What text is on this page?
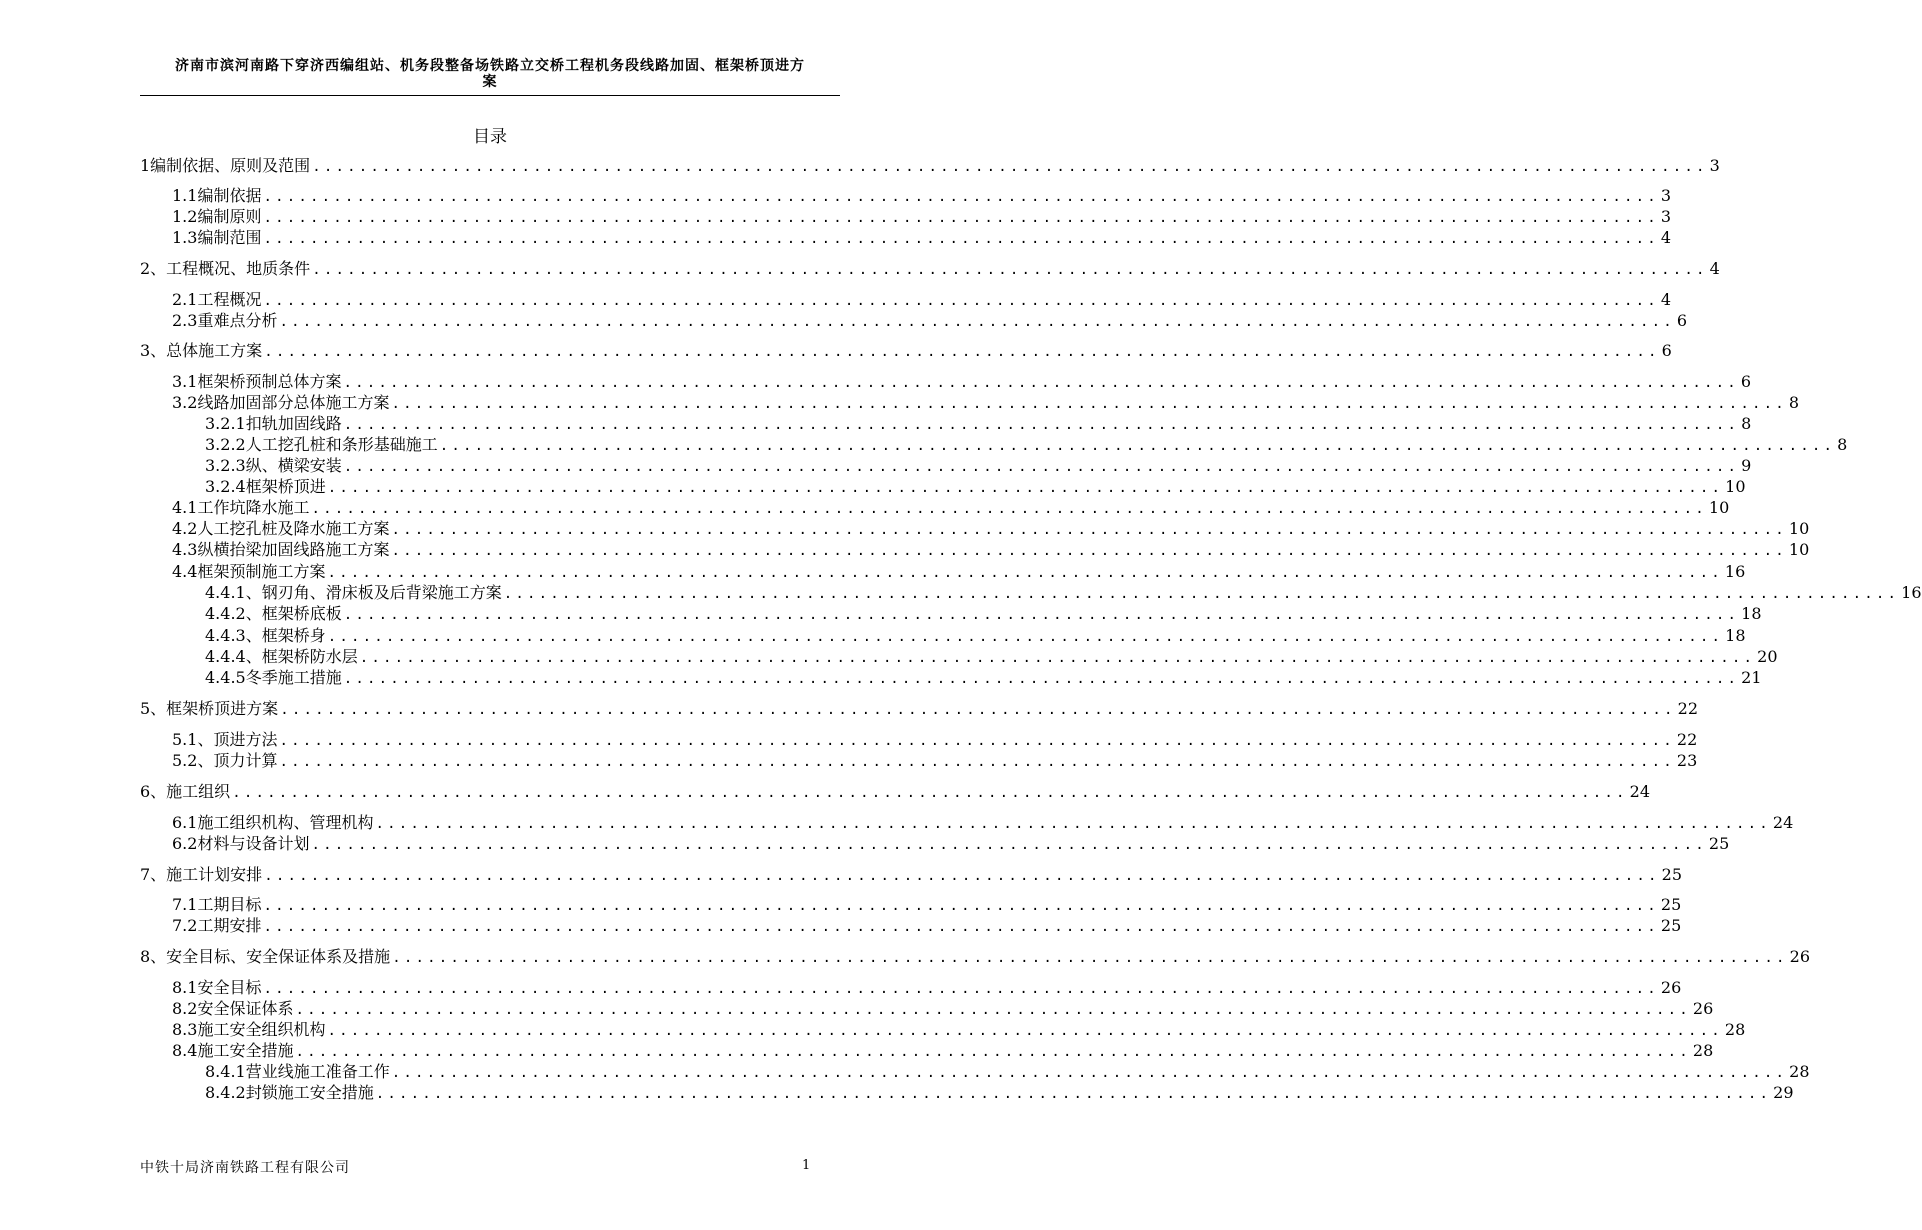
济南市滨河南路下穿济西编组站、机务段整备场铁路立交桥工程机务段线路加固、框架桥顶进方
案
目录
1编制依据、原则及范围 ........................................................................................................................ 3
1.1编制依据 ........................................................................................................................ 3
1.2编制原则 ........................................................................................................................ 3
1.3编制范围 ........................................................................................................................ 4
2、工程概况、地质条件 ........................................................................................................................ 4
2.1工程概况 ........................................................................................................................ 4
2.3重难点分析 ........................................................................................................................ 6
3、总体施工方案 ........................................................................................................................ 6
3.1框架桥预制总体方案 ........................................................................................................................ 6
3.2线路加固部分总体施工方案 ........................................................................................................................ 8
3.2.1扣轨加固线路 ........................................................................................................................ 8
3.2.2人工挖孔桩和条形基础施工 ........................................................................................................................ 8
3.2.3纵、横梁安装 ........................................................................................................................ 9
3.2.4框架桥顶进 ........................................................................................................................ 10
4.1工作坑降水施工 ........................................................................................................................ 10
4.2人工挖孔桩及降水施工方案 ........................................................................................................................ 10
4.3纵横抬梁加固线路施工方案 ........................................................................................................................ 10
4.4框架预制施工方案 ........................................................................................................................ 16
4.4.1、钢刃角、滑床板及后背梁施工方案 ........................................................................................................................ 16
4.4.2、框架桥底板 ........................................................................................................................ 18
4.4.3、框架桥身 ........................................................................................................................ 18
4.4.4、框架桥防水层 ........................................................................................................................ 20
4.4.5冬季施工措施 ........................................................................................................................ 21
5、框架桥顶进方案 ........................................................................................................................ 22
5.1、顶进方法 ........................................................................................................................ 22
5.2、顶力计算 ........................................................................................................................ 23
6、施工组织 ........................................................................................................................ 24
6.1施工组织机构、管理机构 ........................................................................................................................ 24
6.2材料与设备计划 ........................................................................................................................ 25
7、施工计划安排 ........................................................................................................................ 25
7.1工期目标 ........................................................................................................................ 25
7.2工期安排 ........................................................................................................................ 25
8、安全目标、安全保证体系及措施 ........................................................................................................................ 26
8.1安全目标 ........................................................................................................................ 26
8.2安全保证体系 ........................................................................................................................ 26
8.3施工安全组织机构 ........................................................................................................................ 28
8.4施工安全措施 ........................................................................................................................ 28
8.4.1营业线施工准备工作 ........................................................................................................................ 28
8.4.2封锁施工安全措施 ........................................................................................................................ 29
中铁十局济南铁路工程有限公司	1
